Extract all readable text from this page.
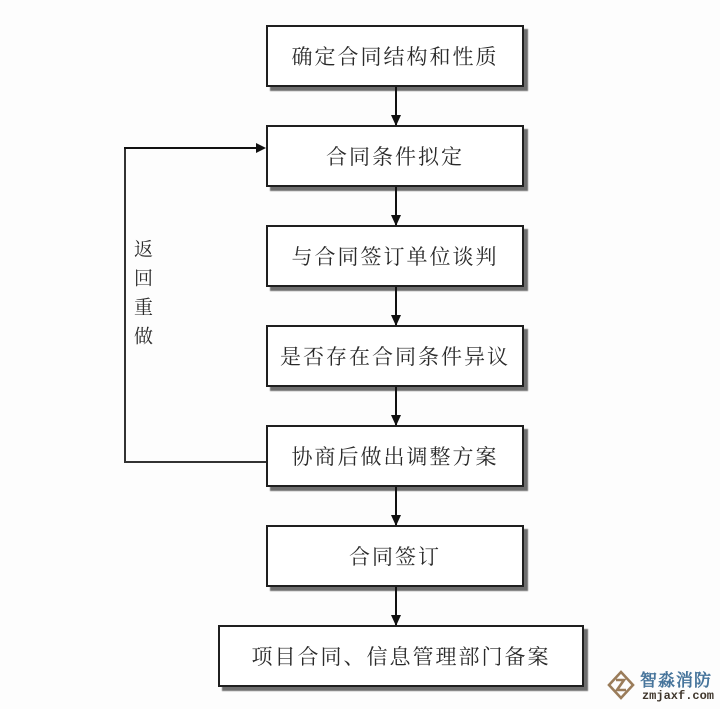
确定合同结构和性质
合同条件拟定
与合同签订单位谈判
是否存在合同条件异议
协商后做出调整方案
合同签订
项目合同、信息管理部门备案
返回重做
智淼消防
zmjaxf.com
